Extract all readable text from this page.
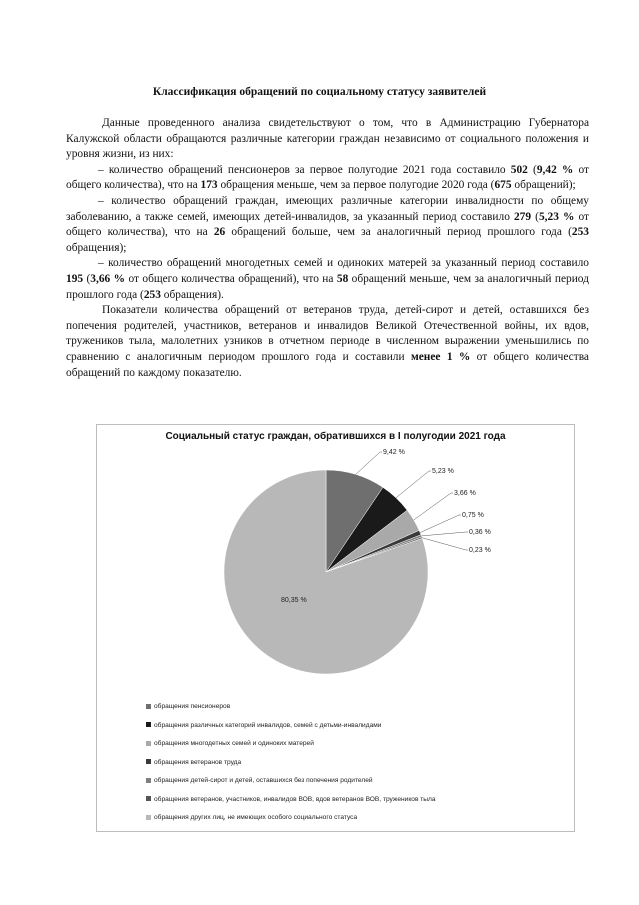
Классификация обращений по социальному статусу заявителей

Данные проведенного анализа свидетельствуют о том, что в Администрацию Губернатора Калужской области обращаются различные категории граждан независимо от социального положения и уровня жизни, из них:

– количество обращений пенсионеров за первое полугодие 2021 года составило 502 (9,42 % от общего количества), что на 173 обращения меньше, чем за первое полугодие 2020 года (675 обращений);

– количество обращений граждан, имеющих различные категории инвалидности по общему заболеванию, а также семей, имеющих детей-инвалидов, за указанный период составило 279 (5,23 % от общего количества), что на 26 обращений больше, чем за аналогичный период прошлого года (253 обращения);

– количество обращений многодетных семей и одиноких матерей за указанный период составило 195 (3,66 % от общего количества обращений), что на 58 обращений меньше, чем за аналогичный период прошлого года (253 обращения).

Показатели количества обращений от ветеранов труда, детей-сирот и детей, оставшихся без попечения родителей, участников, ветеранов и инвалидов Великой Отечественной войны, их вдов, тружеников тыла, малолетних узников в отчетном периоде в численном выражении уменьшились по сравнению с аналогичным периодом прошлого года и составили менее 1 % от общего количества обращений по каждому показателю.

Социальный статус граждан, обратившихся в I полугодии 2021 года
9,42 %
5,23 %
3,66 %
0,75 %
0,36 %
0,23 %
80,35 %
обращения пенсионеров
обращения различных категорий инвалидов, семей с детьми-инвалидами
обращения многодетных семей и одиноких матерей
обращения ветеранов труда
обращения детей-сирот и детей, оставшихся без попечения родителей
обращения ветеранов, участников, инвалидов ВОВ, вдов ветеранов ВОВ, тружеников тыла
обращения других лиц, не имеющих особого социального статуса
